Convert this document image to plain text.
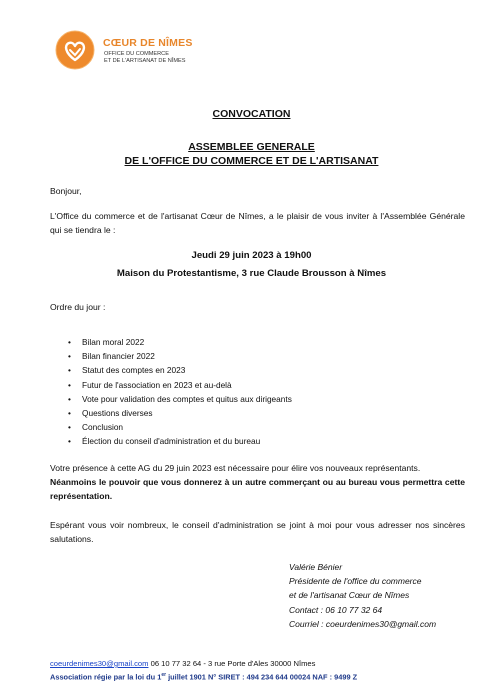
CŒUR DE NÎMES
OFFICE DU COMMERCE
ET DE L'ARTISANAT DE NÎMES
CONVOCATION
ASSEMBLEE GENERALE
DE L'OFFICE DU COMMERCE ET DE L'ARTISANAT
Bonjour,
L'Office du commerce et de l'artisanat Cœur de Nîmes, a le plaisir de vous inviter à l'Assemblée Générale qui se tiendra le :
Jeudi 29 juin 2023 à 19h00
Maison du Protestantisme, 3 rue Claude Brousson à Nîmes
Ordre du jour :
• Bilan moral 2022
• Bilan financier 2022
• Statut des comptes en 2023
• Futur de l'association en 2023 et au-delà
• Vote pour validation des comptes et quitus aux dirigeants
• Questions diverses
• Conclusion
• Élection du conseil d'administration et du bureau
Votre présence à cette AG du 29 juin 2023 est nécessaire pour élire vos nouveaux représentants.
Néanmoins le pouvoir que vous donnerez à un autre commerçant ou au bureau vous permettra cette représentation.
Espérant vous voir nombreux, le conseil d'administration se joint à moi pour vous adresser nos sincères salutations.
Valérie Bénier
Présidente de l'office du commerce
et de l'artisanat Cœur de Nîmes
Contact : 06 10 77 32 64
Courriel : coeurdenimes30@gmail.com
coeurdenimes30@gmail.com 06 10 77 32 64 - 3 rue Porte d'Ales 30000 Nîmes
Association régie par la loi du 1er juillet 1901 N° SIRET : 494 234 644 00024 NAF : 9499 Z
